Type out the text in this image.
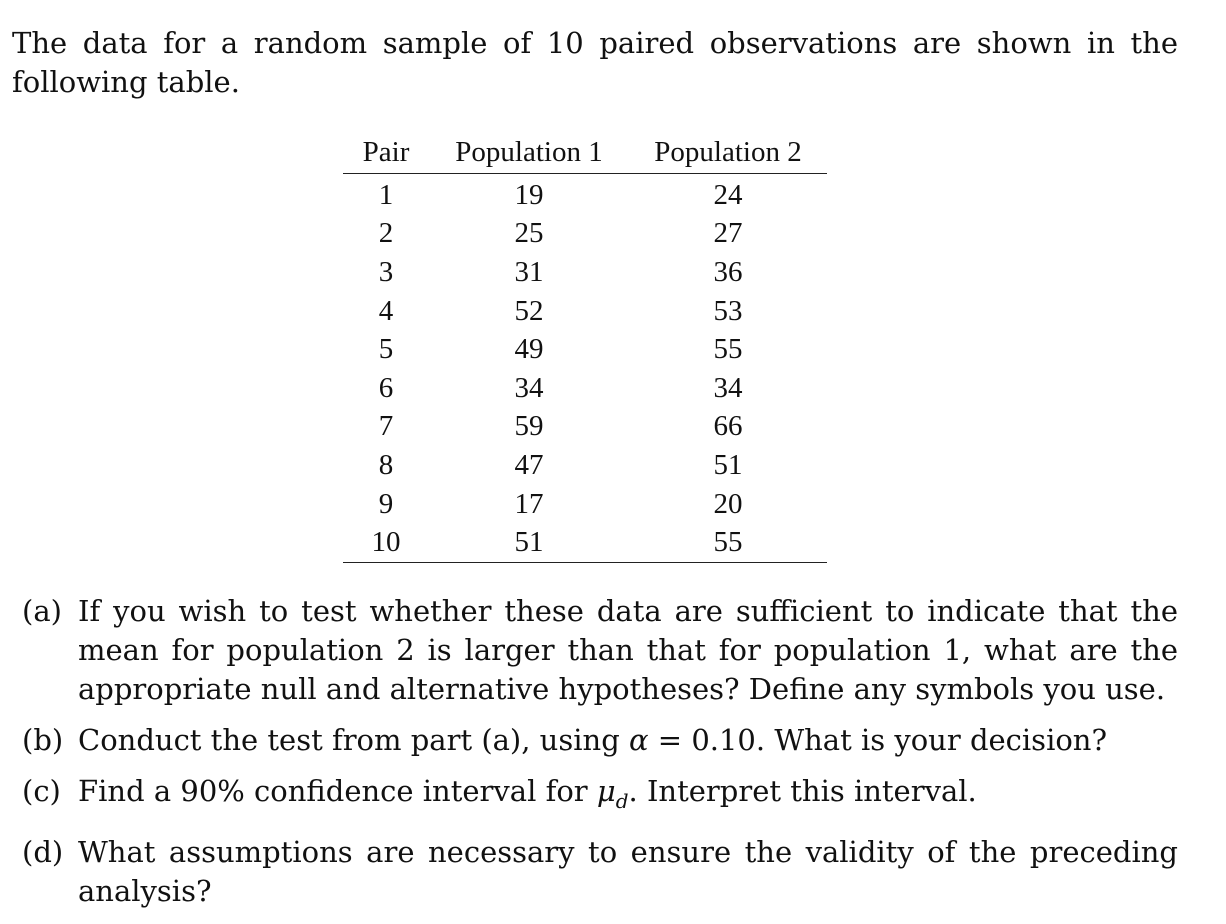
The data for a random sample of 10 paired observations are shown in the following table.

Pair	Population 1	Population 2
1	19	24
2	25	27
3	31	36
4	52	53
5	49	55
6	34	34
7	59	66
8	47	51
9	17	20
10	51	55
(a) If you wish to test whether these data are sufficient to indicate that the mean for population 2 is larger than that for population 1, what are the appropriate null and alternative hypotheses? Define any symbols you use.
(b) Conduct the test from part (a), using α = 0.10. What is your decision?
(c) Find a 90% confidence interval for $\mu_d$. Interpret this interval.
(d) What assumptions are necessary to ensure the validity of the preceding analysis?
